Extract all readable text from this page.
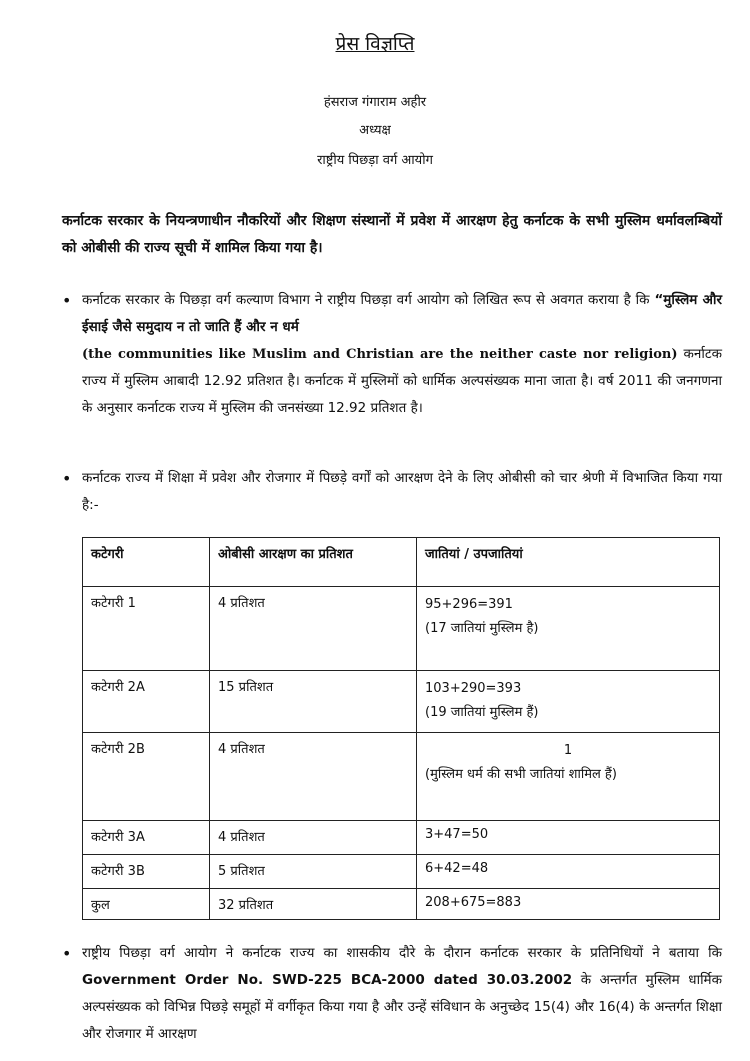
प्रेस विज्ञप्ति
हंसराज गंगाराम अहीर
अध्यक्ष
राष्ट्रीय पिछड़ा वर्ग आयोग
कर्नाटक सरकार के नियन्त्रणाधीन नौकरियों और शिक्षण संस्थानों में प्रवेश में आरक्षण हेतु कर्नाटक के सभी मुस्लिम धर्मावलम्बियों को ओबीसी की राज्य सूची में शामिल किया गया है।
• कर्नाटक सरकार के पिछड़ा वर्ग कल्याण विभाग ने राष्ट्रीय पिछड़ा वर्ग आयोग को लिखित रूप से अवगत कराया है कि “मुस्लिम और ईसाई जैसे समुदाय न तो जाति हैं और न धर्म
(the communities like Muslim and Christian are the neither caste nor religion) कर्नाटक राज्य में मुस्लिम आबादी 12.92 प्रतिशत है। कर्नाटक में मुस्लिमों को धार्मिक अल्पसंख्यक माना जाता है। वर्ष 2011 की जनगणना के अनुसार कर्नाटक राज्य में मुस्लिम की जनसंख्या 12.92 प्रतिशत है।
• कर्नाटक राज्य में शिक्षा में प्रवेश और रोजगार में पिछड़े वर्गों को आरक्षण देने के लिए ओबीसी को चार श्रेणी में विभाजित किया गया है:-
कटेगरी	ओबीसी आरक्षण का प्रतिशत	जातियां / उपजातियां
कटेगरी 1	4 प्रतिशत	95+296=391
(17 जातियां मुस्लिम है)

कटेगरी 2A	15 प्रतिशत	103+290=393
(19 जातियां मुस्लिम हैं)

कटेगरी 2B	4 प्रतिशत	1
(मुस्लिम धर्म की सभी जातियां शामिल हैं)

कटेगरी 3A	4 प्रतिशत	3+47=50
कटेगरी 3B	5 प्रतिशत	6+42=48
कुल	32 प्रतिशत	208+675=883
• राष्ट्रीय पिछड़ा वर्ग आयोग ने कर्नाटक राज्य का शासकीय दौरे के दौरान कर्नाटक सरकार के प्रतिनिधियों ने बताया कि Government Order No. SWD-225 BCA-2000 dated 30.03.2002 के अन्तर्गत मुस्लिम धार्मिक अल्पसंख्यक को विभिन्न पिछड़े समूहों में वर्गीकृत किया गया है और उन्हें संविधान के अनुच्छेद 15(4) और 16(4) के अन्तर्गत शिक्षा और रोजगार में आरक्षण
